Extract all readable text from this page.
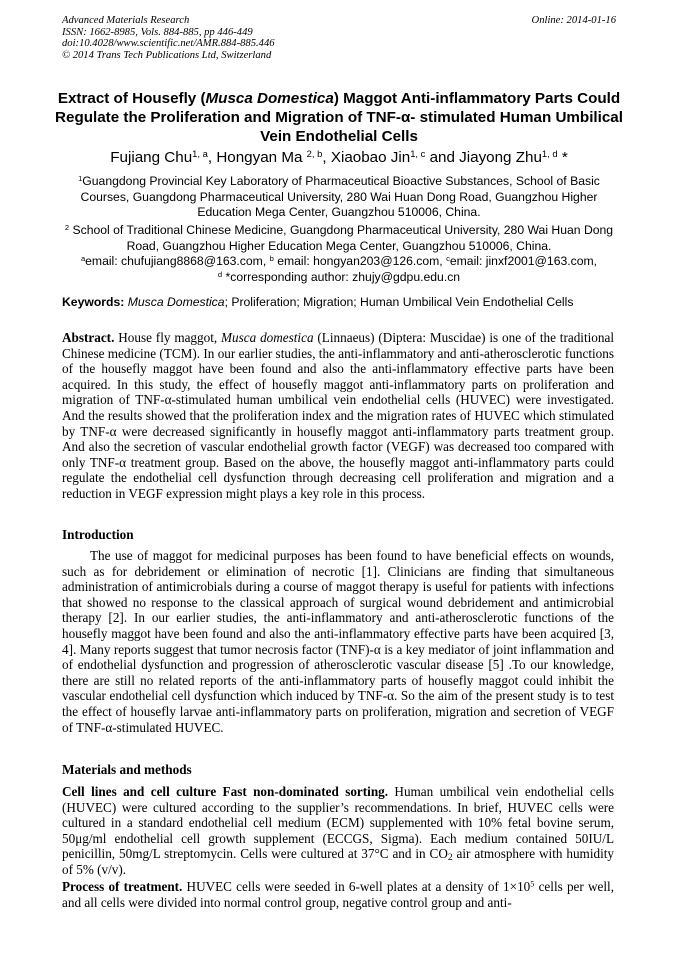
Advanced Materials Research
ISSN: 1662-8985, Vols. 884-885, pp 446-449
doi:10.4028/www.scientific.net/AMR.884-885.446
© 2014 Trans Tech Publications Ltd, Switzerland
Online: 2014-01-16
Extract of Housefly (Musca Domestica) Maggot Anti-inflammatory Parts Could Regulate the Proliferation and Migration of TNF-α- stimulated Human Umbilical Vein Endothelial Cells
Fujiang Chu$^{1, a}$, Hongyan Ma $^{2, b}$, Xiaobao Jin$^{1, c}$ and Jiayong Zhu$^{1, d}$ *
$^1$Guangdong Provincial Key Laboratory of Pharmaceutical Bioactive Substances, School of Basic Courses, Guangdong Pharmaceutical University, 280 Wai Huan Dong Road, Guangzhou Higher Education Mega Center, Guangzhou 510006, China.
$^2$ School of Traditional Chinese Medicine, Guangdong Pharmaceutical University, 280 Wai Huan Dong Road, Guangzhou Higher Education Mega Center, Guangzhou 510006, China.
$^a$email: chufujiang8868@163.com, $^b$ email: hongyan203@126.com, $^c$email: jinxf2001@163.com,
$^d$ *corresponding author: zhujy@gdpu.edu.cn
Keywords: Musca Domestica; Proliferation; Migration; Human Umbilical Vein Endothelial Cells

Abstract. House fly maggot, Musca domestica (Linnaeus) (Diptera: Muscidae) is one of the traditional Chinese medicine (TCM). In our earlier studies, the anti-inflammatory and anti-atherosclerotic functions of the housefly maggot have been found and also the anti-inflammatory effective parts have been acquired. In this study, the effect of housefly maggot anti-inflammatory parts on proliferation and migration of TNF-α-stimulated human umbilical vein endothelial cells (HUVEC) were investigated. And the results showed that the proliferation index and the migration rates of HUVEC which stimulated by TNF-α were decreased significantly in housefly maggot anti-inflammatory parts treatment group. And also the secretion of vascular endothelial growth factor (VEGF) was decreased too compared with only TNF-α treatment group. Based on the above, the housefly maggot anti-inflammatory parts could regulate the endothelial cell dysfunction through decreasing cell proliferation and migration and a reduction in VEGF expression might plays a key role in this process.

Introduction

The use of maggot for medicinal purposes has been found to have beneficial effects on wounds, such as for debridement or elimination of necrotic [1]. Clinicians are finding that simultaneous administration of antimicrobials during a course of maggot therapy is useful for patients with infections that showed no response to the classical approach of surgical wound debridement and antimicrobial therapy [2]. In our earlier studies, the anti-inflammatory and anti-atherosclerotic functions of the housefly maggot have been found and also the anti-inflammatory effective parts have been acquired [3, 4]. Many reports suggest that tumor necrosis factor (TNF)-α is a key mediator of joint inflammation and of endothelial dysfunction and progression of atherosclerotic vascular disease [5] .To our knowledge, there are still no related reports of the anti-inflammatory parts of housefly maggot could inhibit the vascular endothelial cell dysfunction which induced by TNF-α. So the aim of the present study is to test the effect of housefly larvae anti-inflammatory parts on proliferation, migration and secretion of VEGF of TNF-α-stimulated HUVEC.

Materials and methods

Cell lines and cell culture Fast non-dominated sorting. Human umbilical vein endothelial cells (HUVEC) were cultured according to the supplier’s recommendations. In brief, HUVEC cells were cultured in a standard endothelial cell medium (ECM) supplemented with 10% fetal bovine serum, 50μg/ml endothelial cell growth supplement (ECCGS, Sigma). Each medium contained 50IU/L penicillin, 50mg/L streptomycin. Cells were cultured at 37°C and in $CO_2$ air atmosphere with humidity of 5% (v/v).

Process of treatment. HUVEC cells were seeded in 6-well plates at a density of $1\times 10^5$ cells per well, and all cells were divided into normal control group, negative control group and anti-
